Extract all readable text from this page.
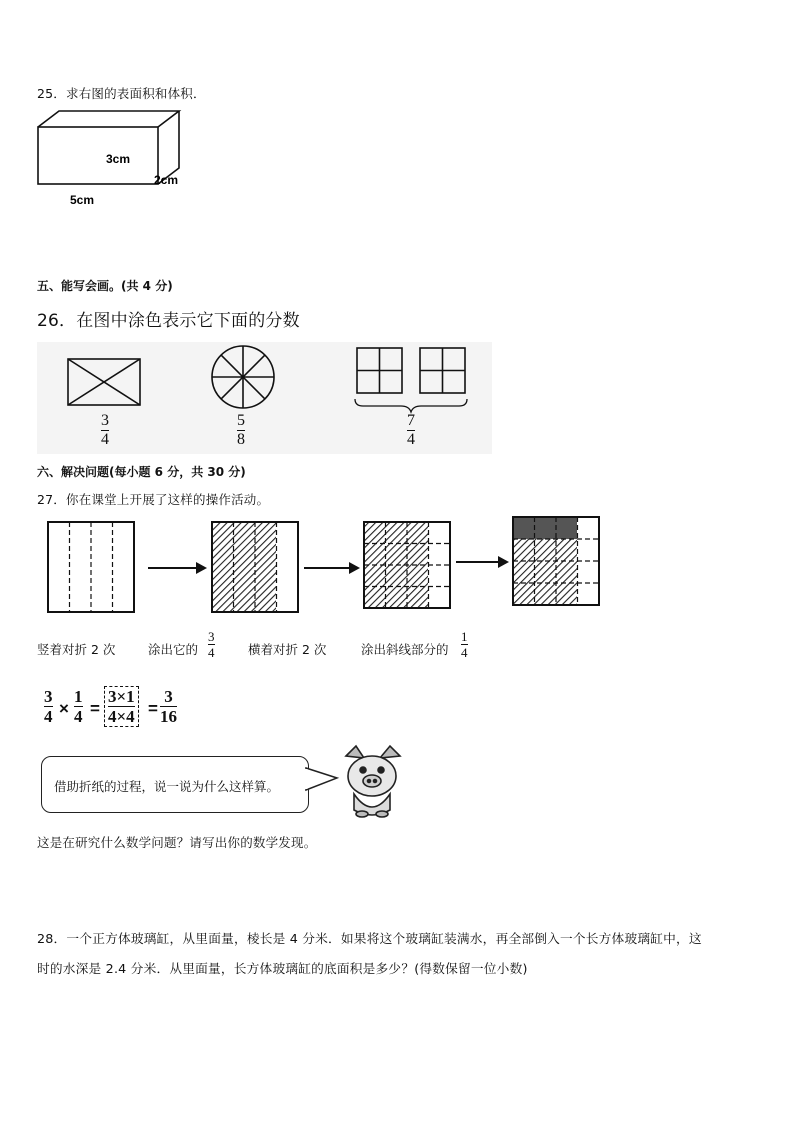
25．求右图的表面积和体积．
3cm
2cm
5cm
五、能写会画。(共 4 分)
26．在图中涂色表示它下面的分数
3
4
5
8
7
4
六、解决问题(每小题 6 分，共 30 分)
27．你在课堂上开展了这样的操作活动。
竖着对折 2 次	涂出它的
3
4	横着对折 2 次	涂出斜线部分的
1
4
3
4 ×
1
4 =
3×1
4×4 =
3
16
借助折纸的过程，说一说为什么这样算。
这是在研究什么数学问题？请写出你的数学发现。
28．一个正方体玻璃缸，从里面量，棱长是 4 分米．如果将这个玻璃缸装满水，再全部倒入一个长方体玻璃缸中，这
时的水深是 2.4 分米．从里面量，长方体玻璃缸的底面积是多少？(得数保留一位小数)
